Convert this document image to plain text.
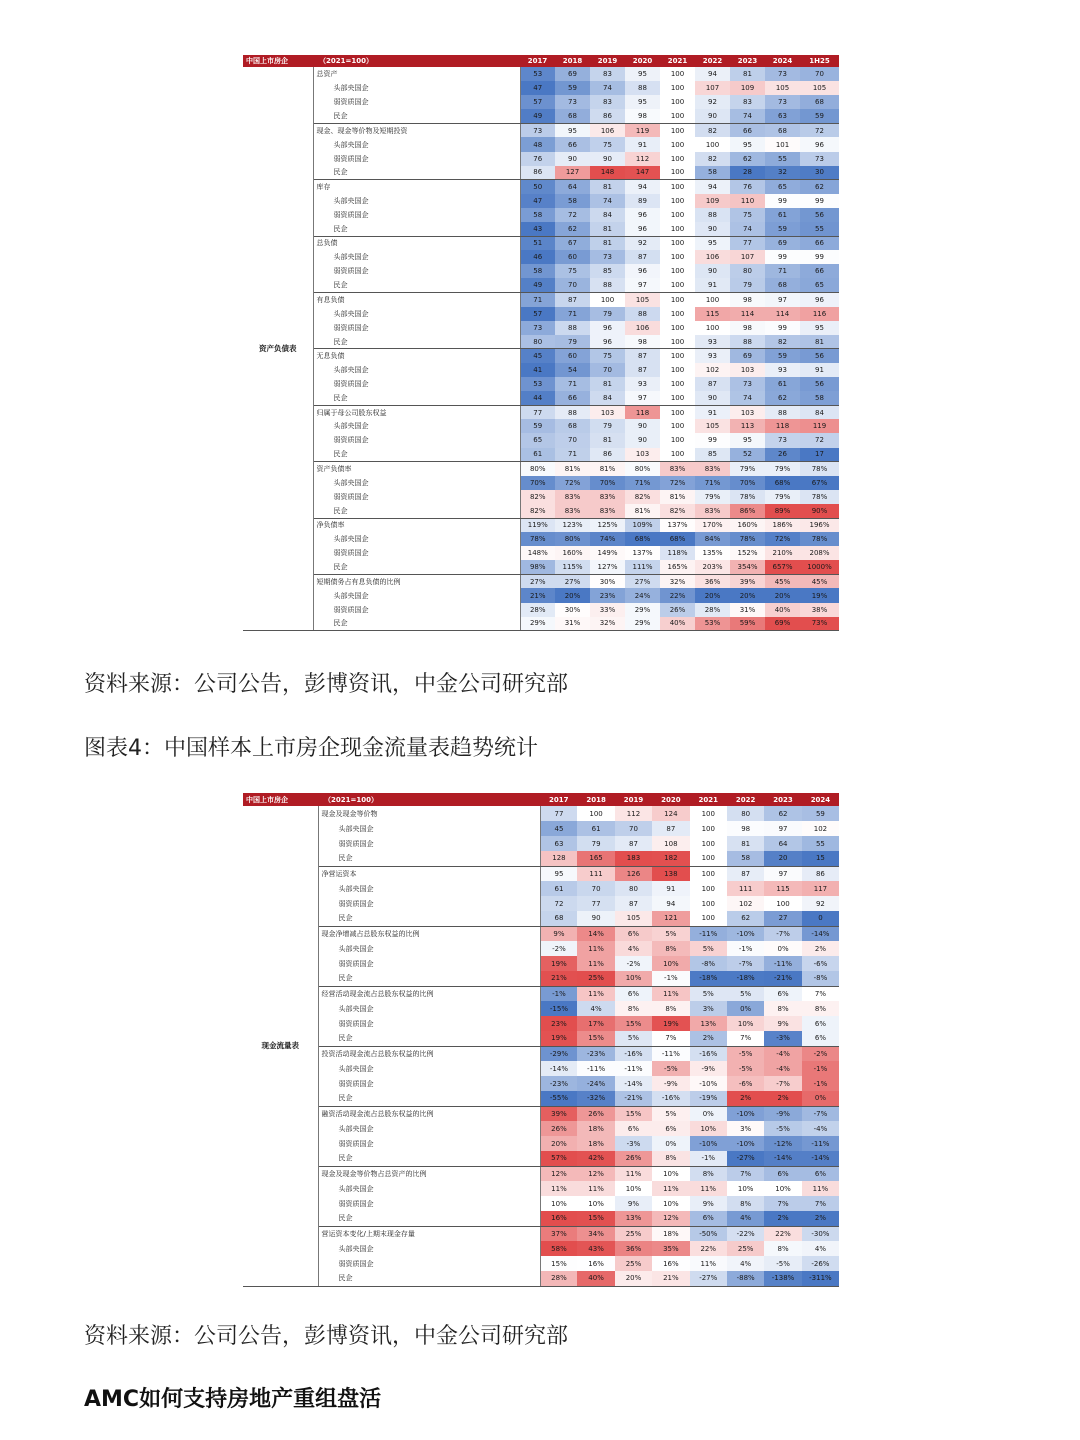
中国上市房企	（2021=100）	2017	2018	2019	2020	2021	2022	2023	2024	1H25
资产负债表	总资产	53	69	83	95	100	94	81	73	70
	头部央国企	47	59	74	88	100	107	109	105	105
	弱资质国企	57	73	83	95	100	92	83	73	68
	民企	49	68	86	98	100	90	74	63	59
	现金、现金等价物及短期投资	73	95	106	119	100	82	66	68	72
	头部央国企	48	66	75	91	100	100	95	101	96
	弱资质国企	76	90	90	112	100	82	62	55	73
	民企	86	127	148	147	100	58	28	32	30
	库存	50	64	81	94	100	94	76	65	62
	头部央国企	47	58	74	89	100	109	110	99	99
	弱资质国企	58	72	84	96	100	88	75	61	56
	民企	43	62	81	96	100	90	74	59	55
	总负债	51	67	81	92	100	95	77	69	66
	头部央国企	46	60	73	87	100	106	107	99	99
	弱资质国企	58	75	85	96	100	90	80	71	66
	民企	49	70	88	97	100	91	79	68	65
	有息负债	71	87	100	105	100	100	98	97	96
	头部央国企	57	71	79	88	100	115	114	114	116
	弱资质国企	73	88	96	106	100	100	98	99	95
	民企	80	79	96	98	100	93	88	82	81
	无息负债	45	60	75	87	100	93	69	59	56
	头部央国企	41	54	70	87	100	102	103	93	91
	弱资质国企	53	71	81	93	100	87	73	61	56
	民企	44	66	84	97	100	90	74	62	58
	归属于母公司股东权益	77	88	103	118	100	91	103	88	84
	头部央国企	59	68	79	90	100	105	113	118	119
	弱资质国企	65	70	81	90	100	99	95	73	72
	民企	61	71	86	103	100	85	52	26	17
	资产负债率	80%	81%	81%	80%	83%	83%	79%	79%	78%
	头部央国企	70%	72%	70%	71%	72%	71%	70%	68%	67%
	弱资质国企	82%	83%	83%	82%	81%	79%	78%	79%	78%
	民企	82%	83%	83%	81%	82%	83%	86%	89%	90%
	净负债率	119%	123%	125%	109%	137%	170%	160%	186%	196%
	头部央国企	78%	80%	74%	68%	68%	84%	78%	72%	78%
	弱资质国企	148%	160%	149%	137%	118%	135%	152%	210%	208%
	民企	98%	115%	127%	111%	165%	203%	354%	657%	1000%
	短期债务占有息负债的比例	27%	27%	30%	27%	32%	36%	39%	45%	45%
	头部央国企	21%	20%	23%	24%	22%	20%	20%	20%	19%
	弱资质国企	28%	30%	33%	29%	26%	28%	31%	40%	38%
	民企	29%	31%	32%	29%	40%	53%	59%	69%	73%
资料来源：公司公告，彭博资讯，中金公司研究部
图表4：中国样本上市房企现金流量表趋势统计
中国上市房企	（2021=100）	2017	2018	2019	2020	2021	2022	2023	2024
现金流量表	现金及现金等价物	77	100	112	124	100	80	62	59
	头部央国企	45	61	70	87	100	98	97	102
	弱资质国企	63	79	87	108	100	81	64	55
	民企	128	165	183	182	100	58	20	15
	净营运资本	95	111	126	138	100	87	97	86
	头部央国企	61	70	80	91	100	111	115	117
	弱资质国企	72	77	87	94	100	102	100	92
	民企	68	90	105	121	100	62	27	0
	现金净增减占总股东权益的比例	9%	14%	6%	5%	-11%	-10%	-7%	-14%
	头部央国企	-2%	11%	4%	8%	5%	-1%	0%	2%
	弱资质国企	19%	11%	-2%	10%	-8%	-7%	-11%	-6%
	民企	21%	25%	10%	-1%	-18%	-18%	-21%	-8%
	经营活动现金流占总股东权益的比例	-1%	11%	6%	11%	5%	5%	6%	7%
	头部央国企	-15%	4%	8%	8%	3%	0%	8%	8%
	弱资质国企	23%	17%	15%	19%	13%	10%	9%	6%
	民企	19%	15%	5%	7%	2%	7%	-3%	6%
	投资活动现金流占总股东权益的比例	-29%	-23%	-16%	-11%	-16%	-5%	-4%	-2%
	头部央国企	-14%	-11%	-11%	-5%	-9%	-5%	-4%	-1%
	弱资质国企	-23%	-24%	-14%	-9%	-10%	-6%	-7%	-1%
	民企	-55%	-32%	-21%	-16%	-19%	2%	2%	0%
	融资活动现金流占总股东权益的比例	39%	26%	15%	5%	0%	-10%	-9%	-7%
	头部央国企	26%	18%	6%	6%	10%	3%	-5%	-4%
	弱资质国企	20%	18%	-3%	0%	-10%	-10%	-12%	-11%
	民企	57%	42%	26%	8%	-1%	-27%	-14%	-14%
	现金及现金等价物占总资产的比例	12%	12%	11%	10%	8%	7%	6%	6%
	头部央国企	11%	11%	10%	11%	11%	10%	10%	11%
	弱资质国企	10%	10%	9%	10%	9%	8%	7%	7%
	民企	16%	15%	13%	12%	6%	4%	2%	2%
	营运资本变化/上期末现金存量	37%	34%	25%	18%	-50%	-22%	22%	-30%
	头部央国企	58%	43%	36%	35%	22%	25%	8%	4%
	弱资质国企	15%	16%	25%	16%	11%	4%	-5%	-26%
	民企	28%	40%	20%	21%	-27%	-88%	-138%	-311%
资料来源：公司公告，彭博资讯，中金公司研究部
AMC如何支持房地产重组盘活
